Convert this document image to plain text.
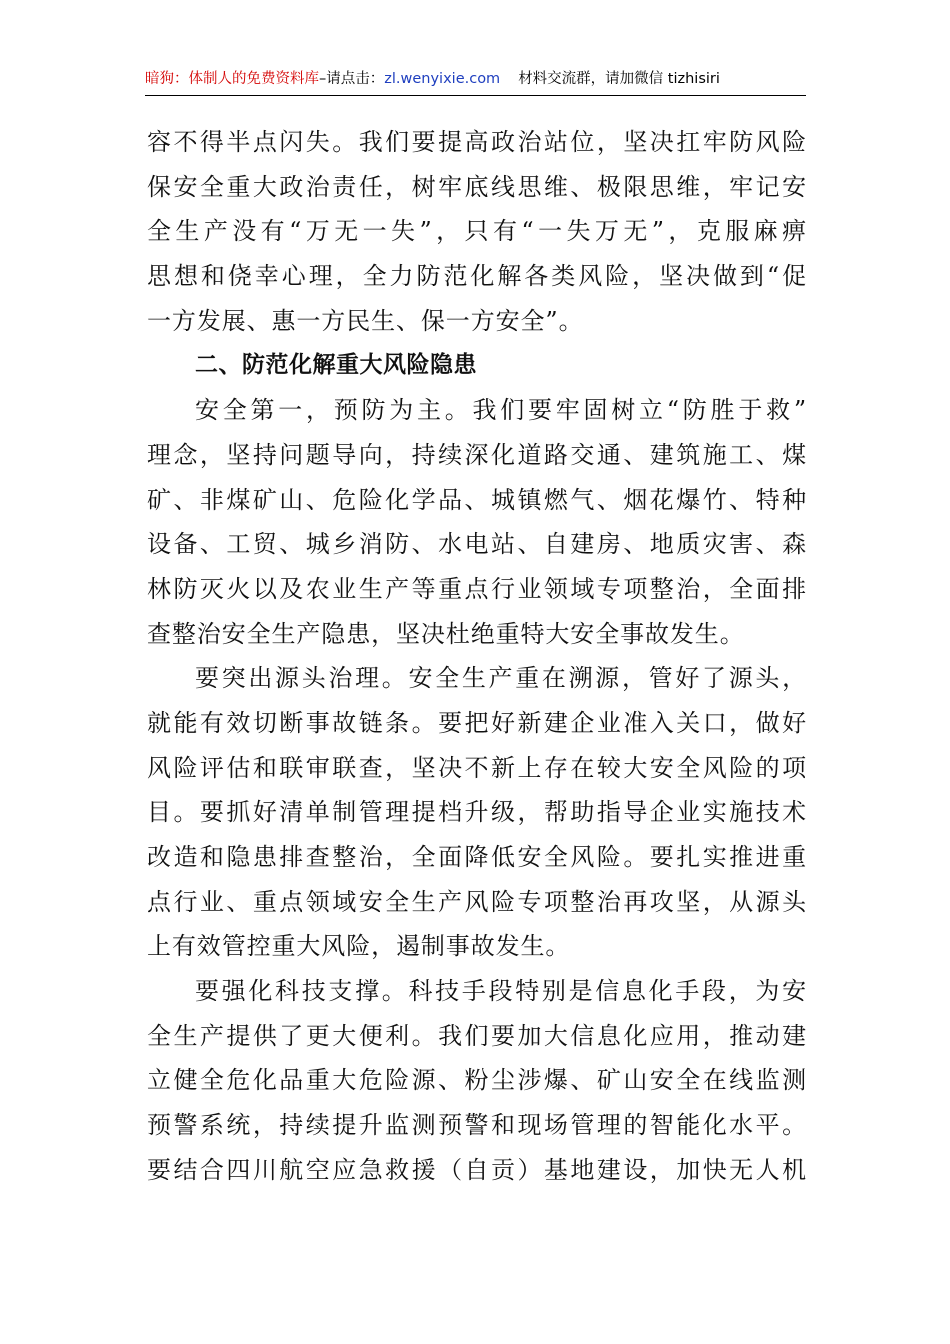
暗狗：体制人的免费资料库–请点击：zl.wenyixie.com 材料交流群，请加微信 tizhisiri
容不得半点闪失。我们要提高政治站位，坚决扛牢防风险
保安全重大政治责任，树牢底线思维、极限思维，牢记安
全生产没有“万无一失”，只有“一失万无”，克服麻痹
思想和侥幸心理，全力防范化解各类风险，坚决做到“促
一方发展、惠一方民生、保一方安全”。
二、防范化解重大风险隐患
安全第一，预防为主。我们要牢固树立“防胜于救”
理念，坚持问题导向，持续深化道路交通、建筑施工、煤
矿、非煤矿山、危险化学品、城镇燃气、烟花爆竹、特种
设备、工贸、城乡消防、水电站、自建房、地质灾害、森
林防灭火以及农业生产等重点行业领域专项整治，全面排
查整治安全生产隐患，坚决杜绝重特大安全事故发生。
要突出源头治理。安全生产重在溯源，管好了源头，
就能有效切断事故链条。要把好新建企业准入关口，做好
风险评估和联审联查，坚决不新上存在较大安全风险的项
目。要抓好清单制管理提档升级，帮助指导企业实施技术
改造和隐患排查整治，全面降低安全风险。要扎实推进重
点行业、重点领域安全生产风险专项整治再攻坚，从源头
上有效管控重大风险，遏制事故发生。
要强化科技支撑。科技手段特别是信息化手段，为安
全生产提供了更大便利。我们要加大信息化应用，推动建
立健全危化品重大危险源、粉尘涉爆、矿山安全在线监测
预警系统，持续提升监测预警和现场管理的智能化水平。
要结合四川航空应急救援（自贡）基地建设，加快无人机
